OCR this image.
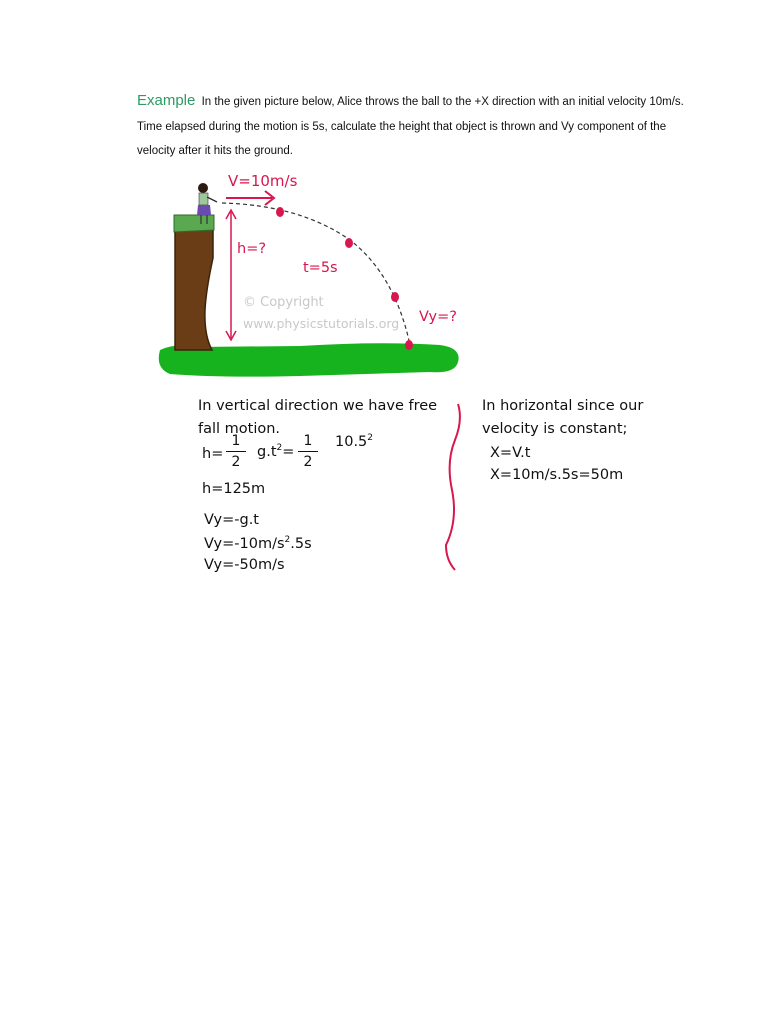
Example In the given picture below, Alice throws the ball to the +X direction with an initial velocity 10m/s. Time elapsed during the motion is 5s, calculate the height that object is thrown and Vy component of the velocity after it hits the ground.
V=10m/s
h=?
t=5s
Vy=?
© Copyright
www.physicstutorials.org
In vertical direction we have free
fall motion.
h=
1
2
$g.t^2=$
1
2
10.5$^2$
h=125m
Vy=-g.t
$Vy=-10m/s^2.5s$
Vy=-50m/s
In horizontal since our
velocity is constant;
X=V.t
X=10m/s.5s=50m
